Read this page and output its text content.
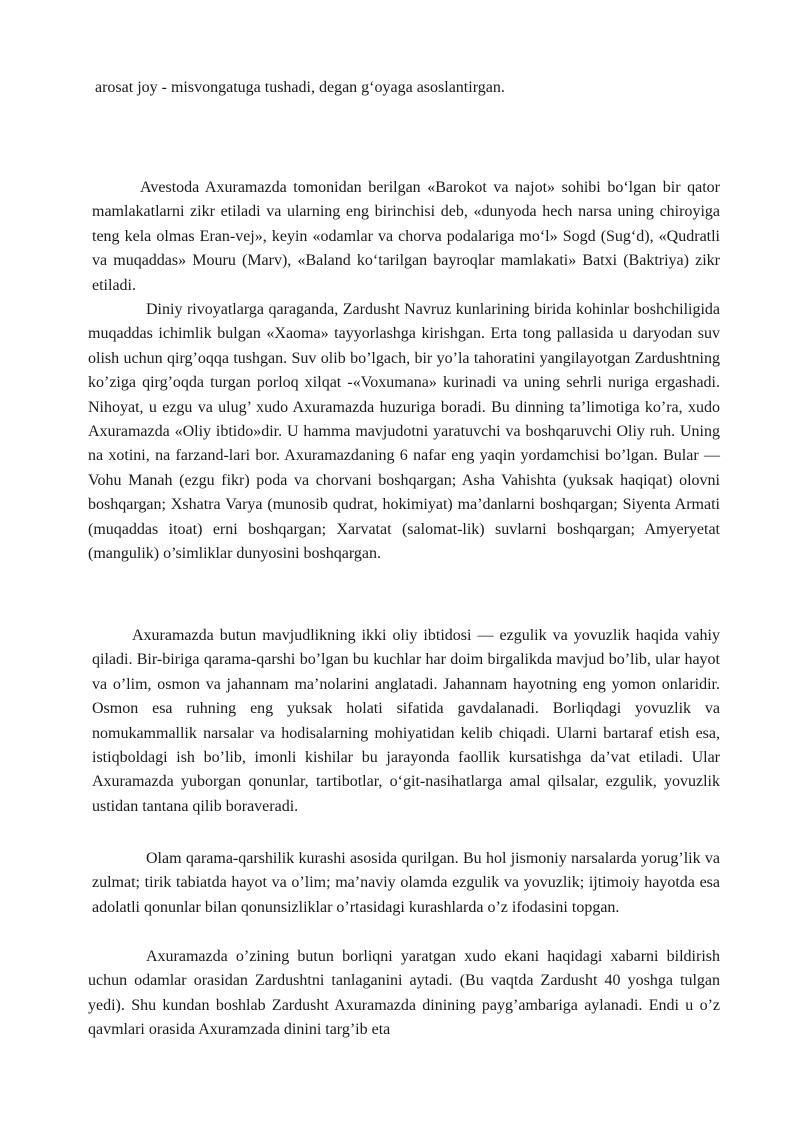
arosat joy - misvongatuga tushadi, degan g‘oyaga asoslantirgan.

Avestoda Axuramazda tomonidan berilgan «Barokot va najot» sohibi bo‘lgan bir qator mamlakatlarni zikr etiladi va ularning eng birinchisi deb, «dunyoda hech narsa uning chiroyiga teng kela olmas Eran-vej», keyin «odamlar va chorva podalariga mo‘l» Sogd (Sug‘d), «Qudratli va muqaddas» Mouru (Marv), «Baland ko‘tarilgan bayroqlar mamlakati» Batxi (Baktriya) zikr etiladi.

Diniy rivoyatlarga qaraganda, Zardusht Navruz kunlarining birida kohinlar boshchiligida muqaddas ichimlik bulgan «Xaoma» tayyorlashga kirishgan. Erta tong pallasida u daryodan suv olish uchun qirg’oqqa tushgan. Suv olib bo’lgach, bir yo’la tahoratini yangilayotgan Zardushtning ko’ziga qirg’oqda turgan porloq xilqat -«Voxumana» kurinadi va uning sehrli nuriga ergashadi. Nihoyat, u ezgu va ulug’ xudo Axuramazda huzuriga boradi. Bu dinning ta’limotiga ko’ra, xudo Axuramazda «Oliy ibtido»dir. U hamma mavjudotni yaratuvchi va boshqaruvchi Oliy ruh. Uning na xotini, na farzand-lari bor. Axuramazdaning 6 nafar eng yaqin yordamchisi bo’lgan. Bular — Vohu Manah (ezgu fikr) poda va chorvani boshqargan; Asha Vahishta (yuksak haqiqat) olovni boshqargan; Xshatra Varya (munosib qudrat, hokimiyat) ma’danlarni boshqargan; Siyenta Armati (muqaddas itoat) erni boshqargan; Xarvatat (salomat-lik) suvlarni boshqargan; Amyeryetat (mangulik) o’simliklar dunyosini boshqargan.

Axuramazda butun mavjudlikning ikki oliy ibtidosi — ezgulik va yovuzlik haqida vahiy qiladi. Bir-biriga qarama-qarshi bo’lgan bu kuchlar har doim birgalikda mavjud bo’lib, ular hayot va o’lim, osmon va jahannam ma’nolarini anglatadi. Jahannam hayotning eng yomon onlaridir. Osmon esa ruhning eng yuksak holati sifatida gavdalanadi. Borliqdagi yovuzlik va nomukammallik narsalar va hodisalarning mohiyatidan kelib chiqadi. Ularni bartaraf etish esa, istiqboldagi ish bo’lib, imonli kishilar bu jarayonda faollik kursatishga da’vat etiladi. Ular Axuramazda yuborgan qonunlar, tartibotlar, o‘git-nasihatlarga amal qilsalar, ezgulik, yovuzlik ustidan tantana qilib boraveradi.

Olam qarama-qarshilik kurashi asosida qurilgan. Bu hol jismoniy narsalarda yorug’lik va zulmat; tirik tabiatda hayot va o’lim; ma’naviy olamda ezgulik va yovuzlik; ijtimoiy hayotda esa adolatli qonunlar bilan qonunsizliklar o’rtasidagi kurashlarda o’z ifodasini topgan.

Axuramazda o’zining butun borliqni yaratgan xudo ekani haqidagi xabarni bildirish uchun odamlar orasidan Zardushtni tanlaganini aytadi. (Bu vaqtda Zardusht 40 yoshga tulgan yedi). Shu kundan boshlab Zardusht Axuramazda dinining payg’ambariga aylanadi. Endi u o’z qavmlari orasida Axuramzada dinini targ’ib eta
